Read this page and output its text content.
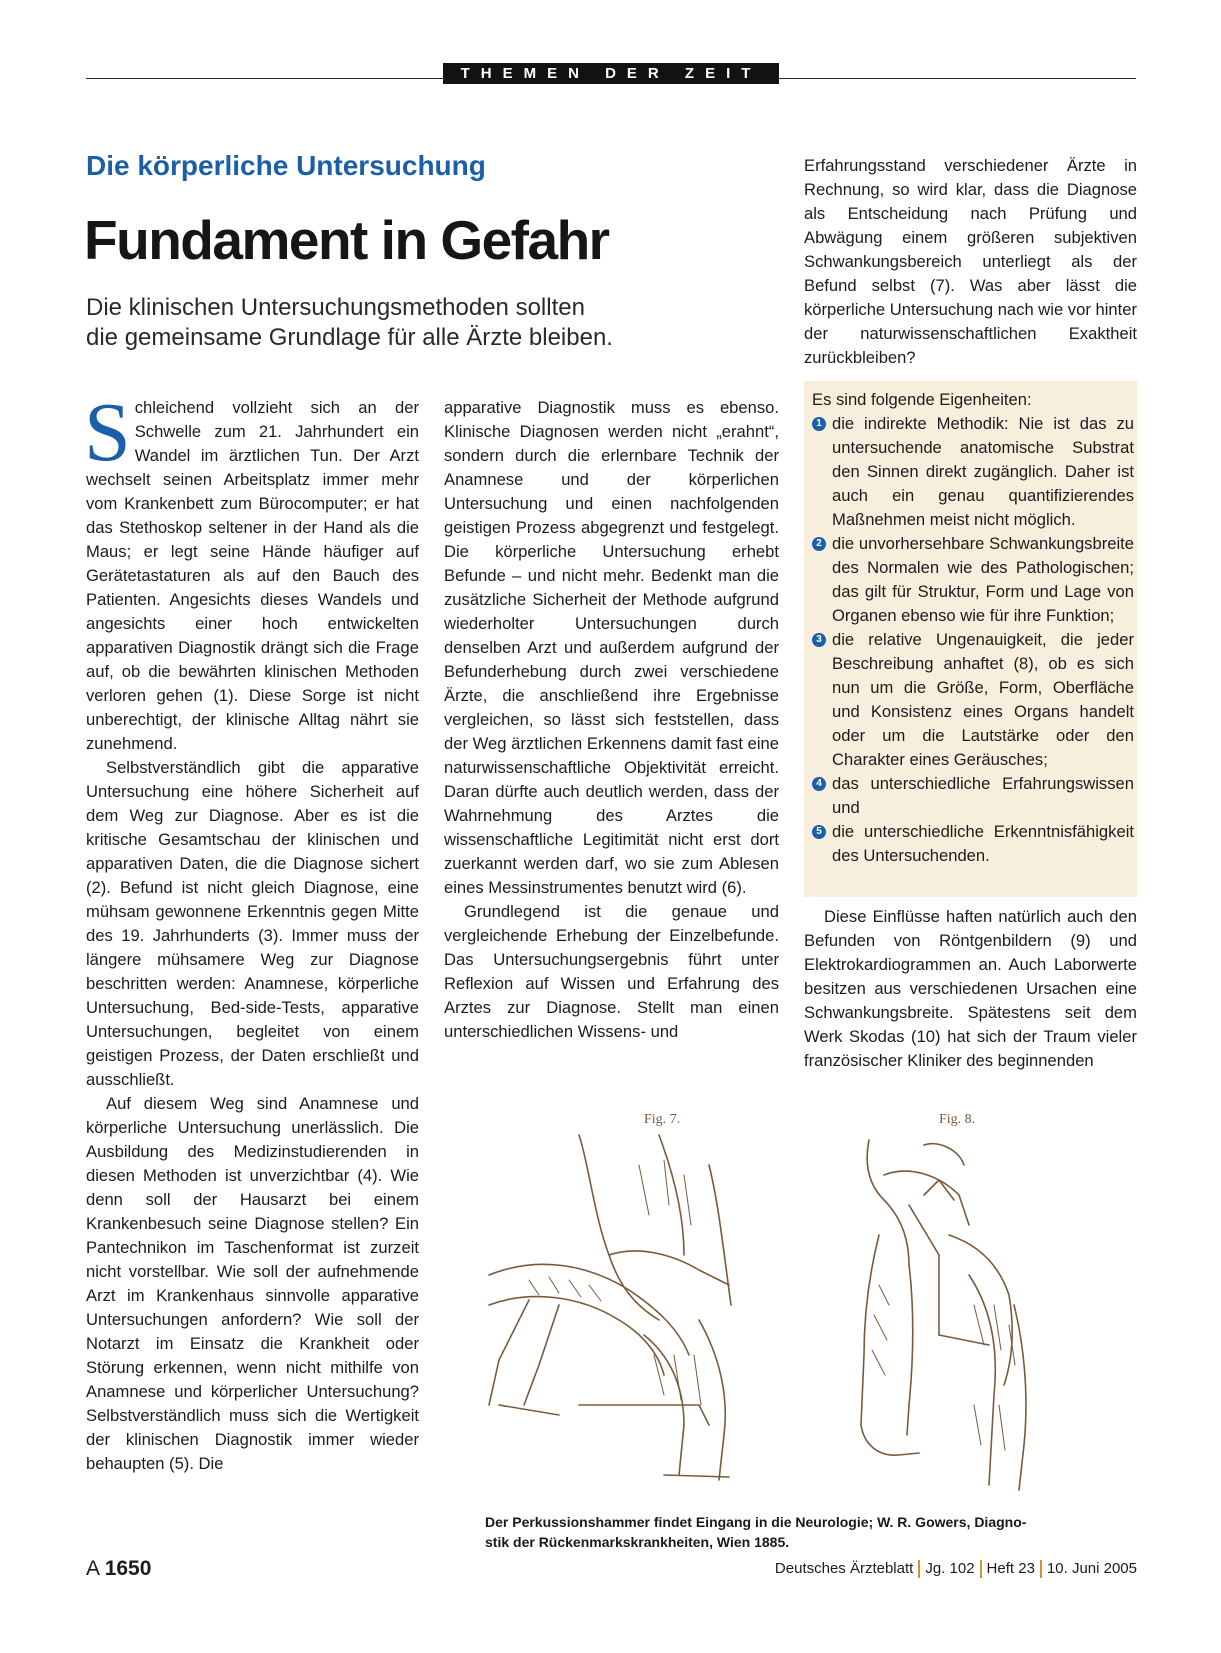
THEMEN DER ZEIT
Die körperliche Untersuchung
Fundament in Gefahr
Die klinischen Untersuchungsmethoden sollten
die gemeinsame Grundlage für alle Ärzte bleiben.

Schleichend vollzieht sich an der Schwelle zum 21. Jahrhundert ein Wandel im ärztlichen Tun. Der Arzt wechselt seinen Arbeitsplatz immer mehr vom Krankenbett zum Bürocomputer; er hat das Stethoskop seltener in der Hand als die Maus; er legt seine Hände häufiger auf Gerätetastaturen als auf den Bauch des Patienten. Angesichts dieses Wandels und angesichts einer hoch entwickelten apparativen Diagnostik drängt sich die Frage auf, ob die bewährten klinischen Methoden verloren gehen (1). Diese Sorge ist nicht unberechtigt, der klinische Alltag nährt sie zunehmend.

Selbstverständlich gibt die apparative Untersuchung eine höhere Sicherheit auf dem Weg zur Diagnose. Aber es ist die kritische Gesamtschau der klinischen und apparativen Daten, die die Diagnose sichert (2). Befund ist nicht gleich Diagnose, eine mühsam gewonnene Erkenntnis gegen Mitte des 19. Jahrhunderts (3). Immer muss der längere mühsamere Weg zur Diagnose beschritten werden: Anamnese, körperliche Untersuchung, Bed-side-Tests, apparative Untersuchungen, begleitet von einem geistigen Prozess, der Daten erschließt und ausschließt.

Auf diesem Weg sind Anamnese und körperliche Untersuchung unerlässlich. Die Ausbildung des Medizinstudierenden in diesen Methoden ist unverzichtbar (4). Wie denn soll der Hausarzt bei einem Krankenbesuch seine Diagnose stellen? Ein Pantechnikon im Taschenformat ist zurzeit nicht vorstellbar. Wie soll der aufnehmende Arzt im Krankenhaus sinnvolle apparative Untersuchungen anfordern? Wie soll der Notarzt im Einsatz die Krankheit oder Störung erkennen, wenn nicht mithilfe von Anamnese und körperlicher Untersuchung? Selbstverständlich muss sich die Wertigkeit der klinischen Diagnostik immer wieder behaupten (5). Die

apparative Diagnostik muss es ebenso. Klinische Diagnosen werden nicht „erahnt“, sondern durch die erlernbare Technik der Anamnese und der körperlichen Untersuchung und einen nachfolgenden geistigen Prozess abgegrenzt und festgelegt. Die körperliche Untersuchung erhebt Befunde – und nicht mehr. Bedenkt man die zusätzliche Sicherheit der Methode aufgrund wiederholter Untersuchungen durch denselben Arzt und außerdem aufgrund der Befunderhebung durch zwei verschiedene Ärzte, die anschließend ihre Ergebnisse vergleichen, so lässt sich feststellen, dass der Weg ärztlichen Erkennens damit fast eine naturwissenschaftliche Objektivität erreicht. Daran dürfte auch deutlich werden, dass der Wahrnehmung des Arztes die wissenschaftliche Legitimität nicht erst dort zuerkannt werden darf, wo sie zum Ablesen eines Messinstrumentes benutzt wird (6).

Grundlegend ist die genaue und vergleichende Erhebung der Einzelbefunde. Das Untersuchungsergebnis führt unter Reflexion auf Wissen und Erfahrung des Arztes zur Diagnose. Stellt man einen unterschiedlichen Wissens- und

Erfahrungsstand verschiedener Ärzte in Rechnung, so wird klar, dass die Diagnose als Entscheidung nach Prüfung und Abwägung einem größeren subjektiven Schwankungsbereich unterliegt als der Befund selbst (7). Was aber lässt die körperliche Untersuchung nach wie vor hinter der naturwissenschaftlichen Exaktheit zurückbleiben?

Es sind folgende Eigenheiten:

1 die indirekte Methodik: Nie ist das zu untersuchende anatomische Substrat den Sinnen direkt zugänglich. Daher ist auch ein genau quantifizierendes Maßnehmen meist nicht möglich.
2 die unvorhersehbare Schwankungsbreite des Normalen wie des Pathologischen; das gilt für Struktur, Form und Lage von Organen ebenso wie für ihre Funktion;
3 die relative Ungenauigkeit, die jeder Beschreibung anhaftet (8), ob es sich nun um die Größe, Form, Oberfläche und Konsistenz eines Organs handelt oder um die Lautstärke oder den Charakter eines Geräusches;
4 das unterschiedliche Erfahrungswissen und
5 die unterschiedliche Erkenntnisfähigkeit des Untersuchenden.

Diese Einflüsse haften natürlich auch den Befunden von Röntgenbildern (9) und Elektrokardiogrammen an. Auch Laborwerte besitzen aus verschiedenen Ursachen eine Schwankungsbreite. Spätestens seit dem Werk Skodas (10) hat sich der Traum vieler französischer Kliniker des beginnenden

Fig. 7.	Fig. 8.
Der Perkussionshammer findet Eingang in die Neurologie; W. R. Gowers, Diagno-
stik der Rückenmarkskrankheiten, Wien 1885.
A 1650	Deutsches Ärzteblatt Jg. 102 Heft 23 10. Juni 2005
